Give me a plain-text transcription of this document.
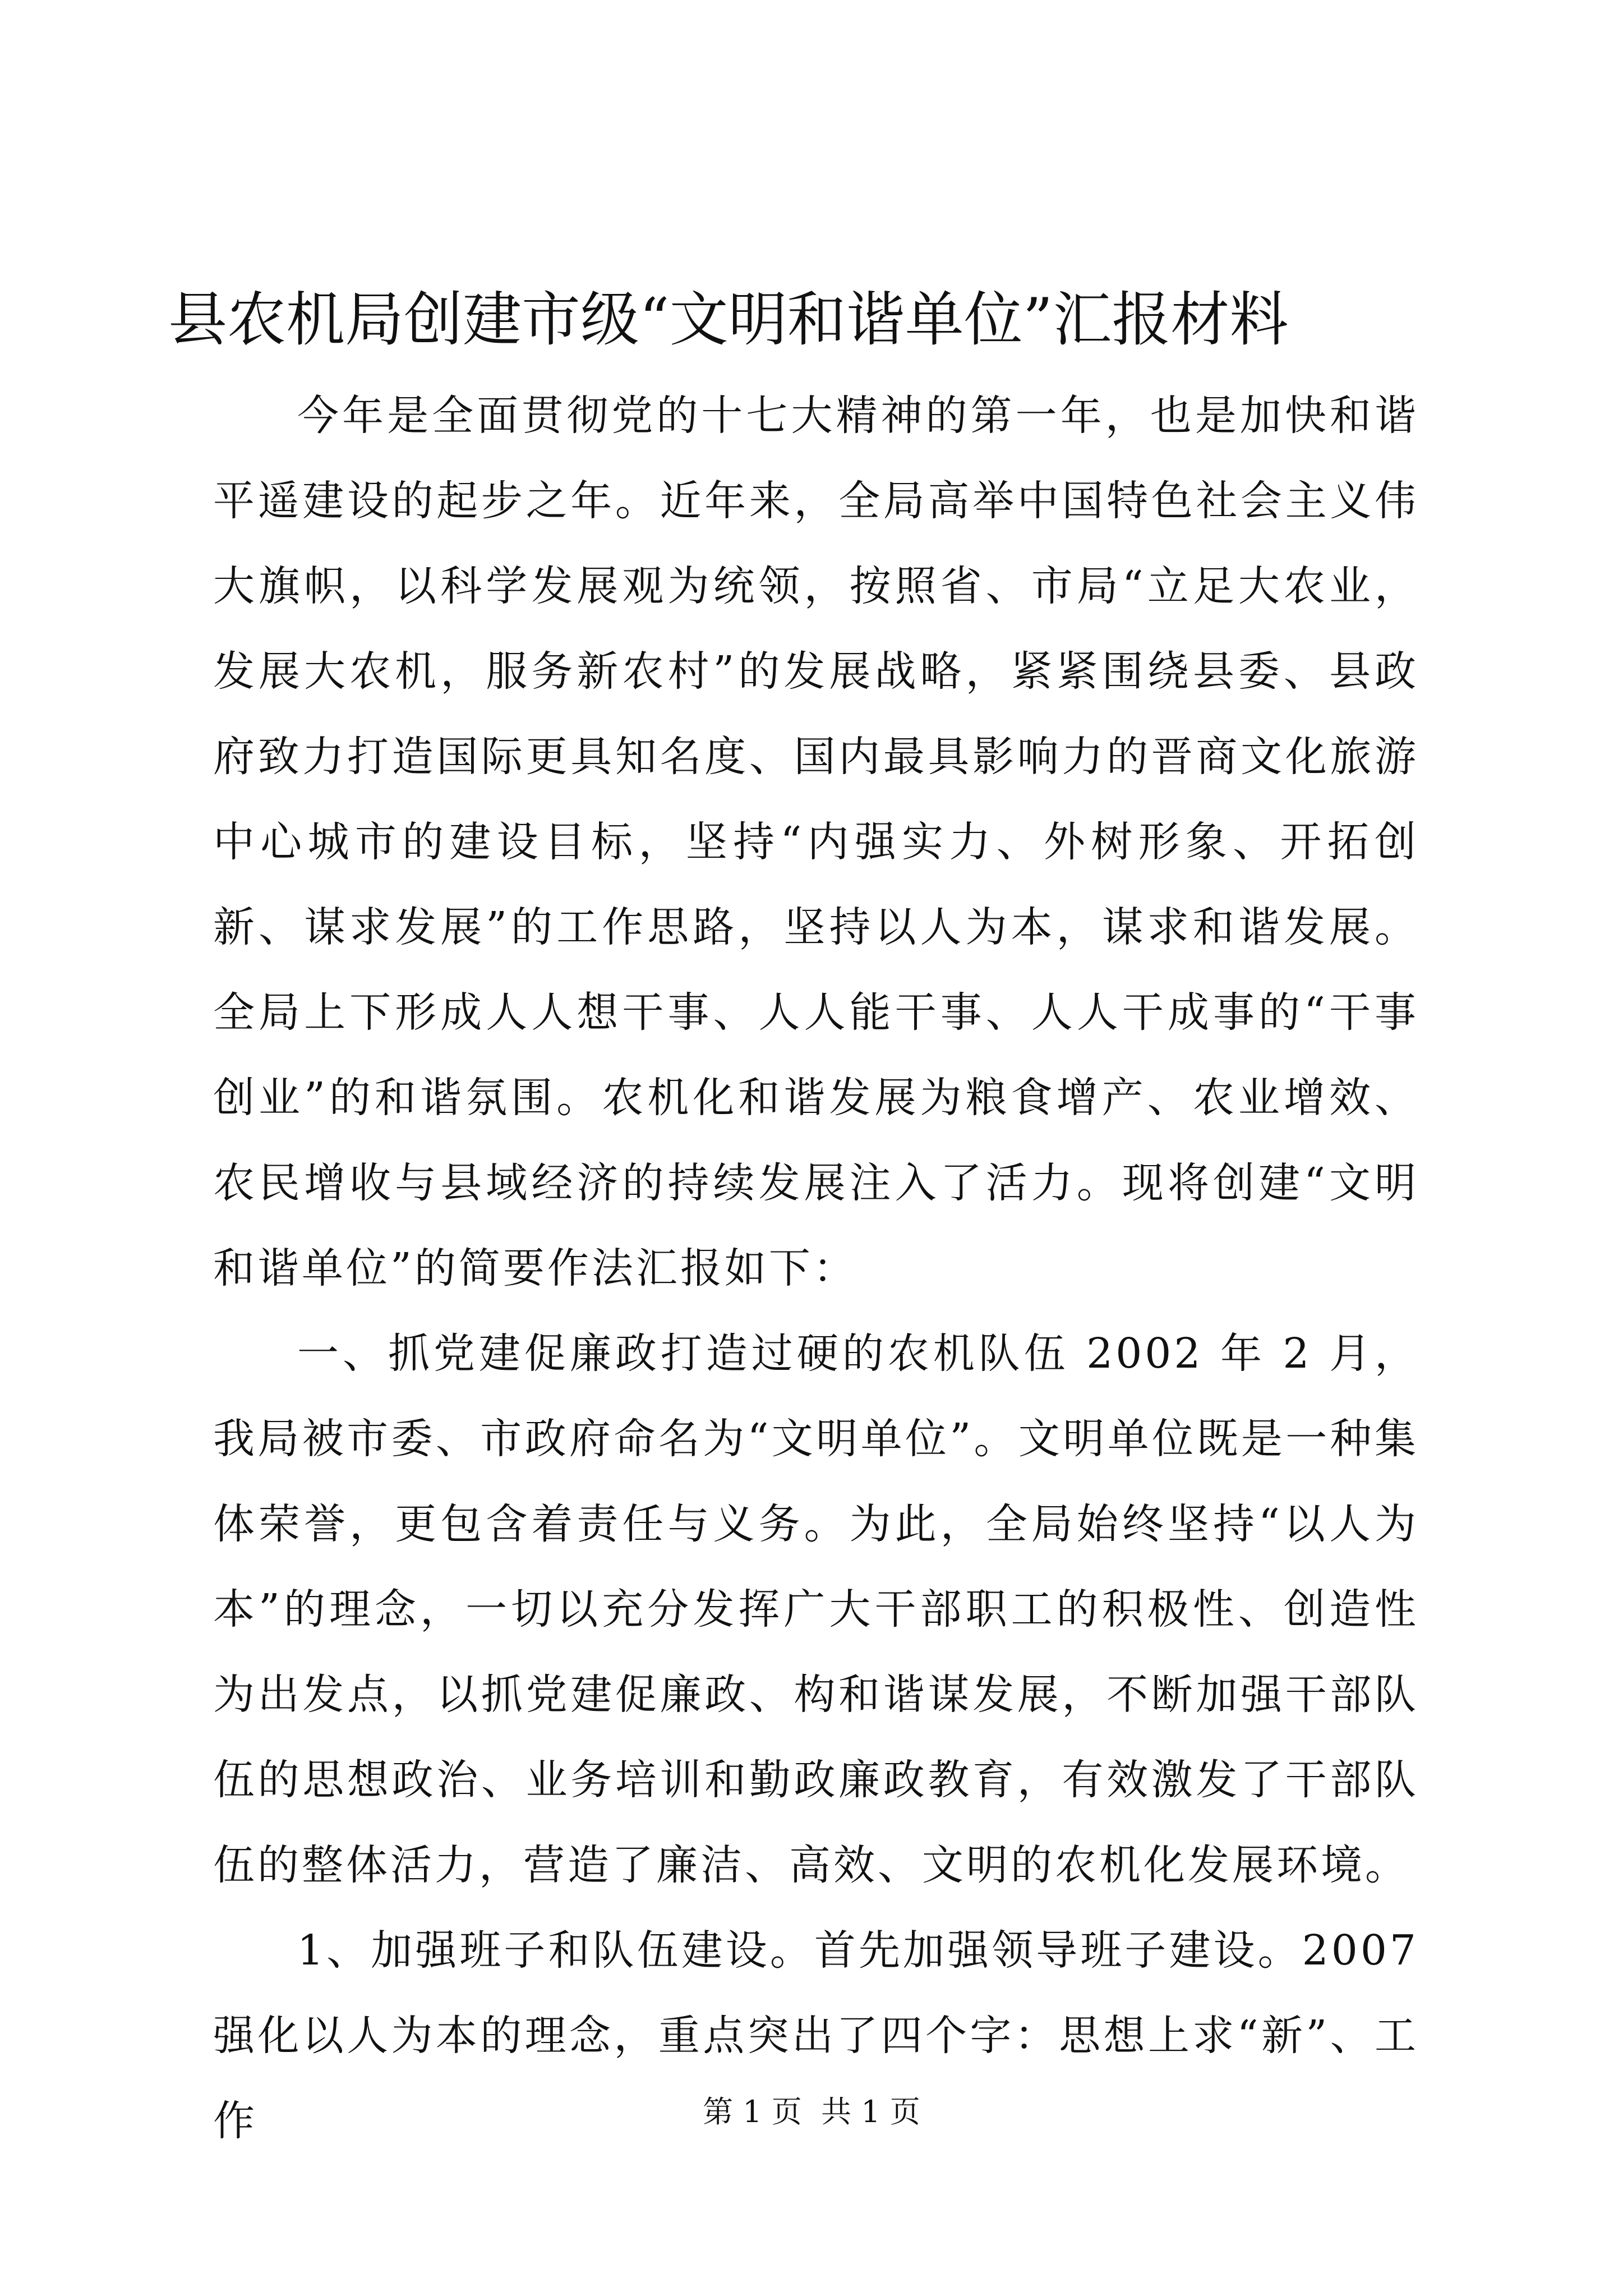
县农机局创建市级“文明和谐单位”汇报材料

今年是全面贯彻党的十七大精神的第一年，也是加快和谐平遥建设的起步之年。近年来，全局高举中国特色社会主义伟大旗帜，以科学发展观为统领，按照省、市局“立足大农业，发展大农机，服务新农村”的发展战略，紧紧围绕县委、县政府致力打造国际更具知名度、国内最具影响力的晋商文化旅游中心城市的建设目标，坚持“内强实力、外树形象、开拓创新、谋求发展”的工作思路，坚持以人为本，谋求和谐发展。全局上下形成人人想干事、人人能干事、人人干成事的“干事创业”的和谐氛围。农机化和谐发展为粮食增产、农业增效、农民增收与县域经济的持续发展注入了活力。现将创建“文明和谐单位”的简要作法汇报如下：

一、抓党建促廉政打造过硬的农机队伍 2002 年 2 月，我局被市委、市政府命名为“文明单位”。文明单位既是一种集体荣誉，更包含着责任与义务。为此，全局始终坚持“以人为本”的理念，一切以充分发挥广大干部职工的积极性、创造性为出发点，以抓党建促廉政、构和谐谋发展，不断加强干部队伍的思想政治、业务培训和勤政廉政教育，有效激发了干部队伍的整体活力，营造了廉洁、高效、文明的农机化发展环境。

1、加强班子和队伍建设。首先加强领导班子建设。2007 强化以人为本的理念，重点突出了四个字：思想上求“新”、工作	第 1 页  共 1 页
